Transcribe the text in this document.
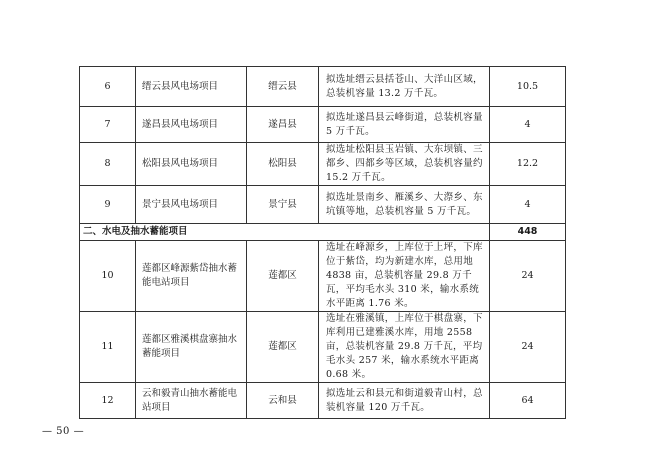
6	缙云县风电场项目	缙云县	拟选址缙云县括苍山、大洋山区域，总装机容量 13.2 万千瓦。	10.5
7	遂昌县风电场项目	遂昌县	拟选址遂昌县云峰街道，总装机容量 5 万千瓦。	4
8	松阳县风电场项目	松阳县	拟选址松阳县玉岩镇、大东坝镇、三都乡、四都乡等区域，总装机容量约 15.2 万千瓦。	12.2
9	景宁县风电场项目	景宁县	拟选址景南乡、雁溪乡、大漈乡、东坑镇等地，总装机容量 5 万千瓦。	4
二、水电及抽水蓄能项目				448
10	莲都区峰源紫岱抽水蓄能电站项目	莲都区	选址在峰源乡，上库位于上坪，下库位于紫岱，均为新建水库，总用地 4838 亩，总装机容量 29.8 万千瓦，平均毛水头 310 米，输水系统水平距离 1.76 米。	24
11	莲都区雅溪棋盘寨抽水蓄能项目	莲都区	选址在雅溪镇，上库位于棋盘寨，下库利用已建雅溪水库，用地 2558 亩，总装机容量 29.8 万千瓦，平均毛水头 257 米，输水系统水平距离 0.68 米。	24
12	云和毅青山抽水蓄能电站项目	云和县	拟选址云和县元和街道毅青山村，总装机容量 120 万千瓦。	64
— 50 —
